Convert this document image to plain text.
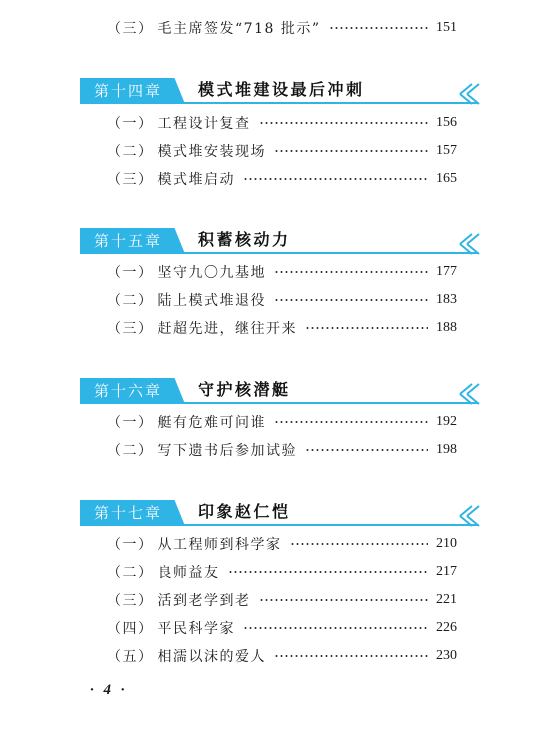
（三） 毛主席签发“718 批示”	151
第十四章	模式堆建设最后冲刺
（一） 工程设计复查	156
（二） 模式堆安装现场	157
（三） 模式堆启动	165
第十五章	积蓄核动力
（一） 坚守九〇九基地	177
（二） 陆上模式堆退役	183
（三） 赶超先进，继往开来	188
第十六章	守护核潜艇
（一） 艇有危难可问谁	192
（二） 写下遗书后参加试验	198
第十七章	印象赵仁恺
（一） 从工程师到科学家	210
（二） 良师益友	217
（三） 活到老学到老	221
（四） 平民科学家	226
（五） 相濡以沫的爱人	230
· 4 ·
